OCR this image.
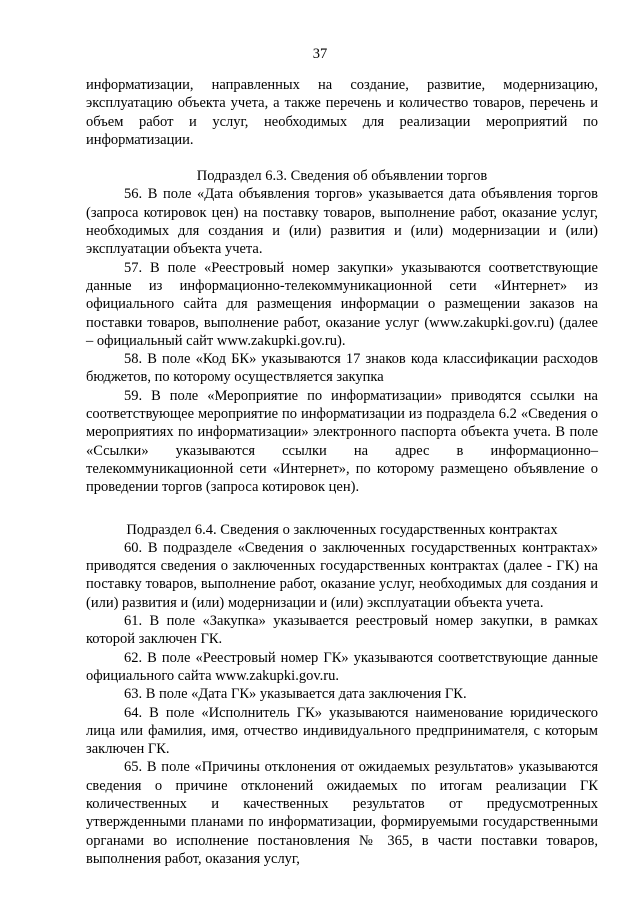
37

информатизации, направленных на создание, развитие, модернизацию, эксплуатацию объекта учета, а также перечень и количество товаров, перечень и объем работ и услуг, необходимых для реализации мероприятий по информатизации.

Подраздел 6.3. Сведения об объявлении торгов

56. В поле «Дата объявления торгов» указывается дата объявления торгов (запроса котировок цен) на поставку товаров, выполнение работ, оказание услуг, необходимых для создания и (или) развития и (или) модернизации и (или) эксплуатации объекта учета.

57. В поле «Реестровый номер закупки» указываются соответствующие данные из информационно-телекоммуникационной сети «Интернет» из официального сайта для размещения информации о размещении заказов на поставки товаров, выполнение работ, оказание услуг (www.zakupki.gov.ru) (далее – официальный сайт www.zakupki.gov.ru).

58. В поле «Код БК» указываются 17 знаков кода классификации расходов бюджетов, по которому осуществляется закупка

59. В поле «Мероприятие по информатизации» приводятся ссылки на соответствующее мероприятие по информатизации из подраздела 6.2 «Сведения о мероприятиях по информатизации» электронного паспорта объекта учета. В поле «Ссылки» указываются ссылки на адрес в информационно–телекоммуникационной сети «Интернет», по которому размещено объявление о проведении торгов (запроса котировок цен).

Подраздел 6.4. Сведения о заключенных государственных контрактах

60. В подразделе «Сведения о заключенных государственных контрактах» приводятся сведения о заключенных государственных контрактах (далее - ГК) на поставку товаров, выполнение работ, оказание услуг, необходимых для создания и (или) развития и (или) модернизации и (или) эксплуатации объекта учета.

61. В поле «Закупка» указывается реестровый номер закупки, в рамках которой заключен ГК.

62. В поле «Реестровый номер ГК» указываются соответствующие данные официального сайта www.zakupki.gov.ru.

63. В поле «Дата ГК» указывается дата заключения ГК.

64. В поле «Исполнитель ГК» указываются наименование юридического лица или фамилия, имя, отчество индивидуального предпринимателя, с которым заключен ГК.

65. В поле «Причины отклонения от ожидаемых результатов» указываются сведения о причине отклонений ожидаемых по итогам реализации ГК количественных и качественных результатов от предусмотренных утвержденными планами по информатизации, формируемыми государственными органами во исполнение постановления № 365, в части поставки товаров, выполнения работ, оказания услуг,
